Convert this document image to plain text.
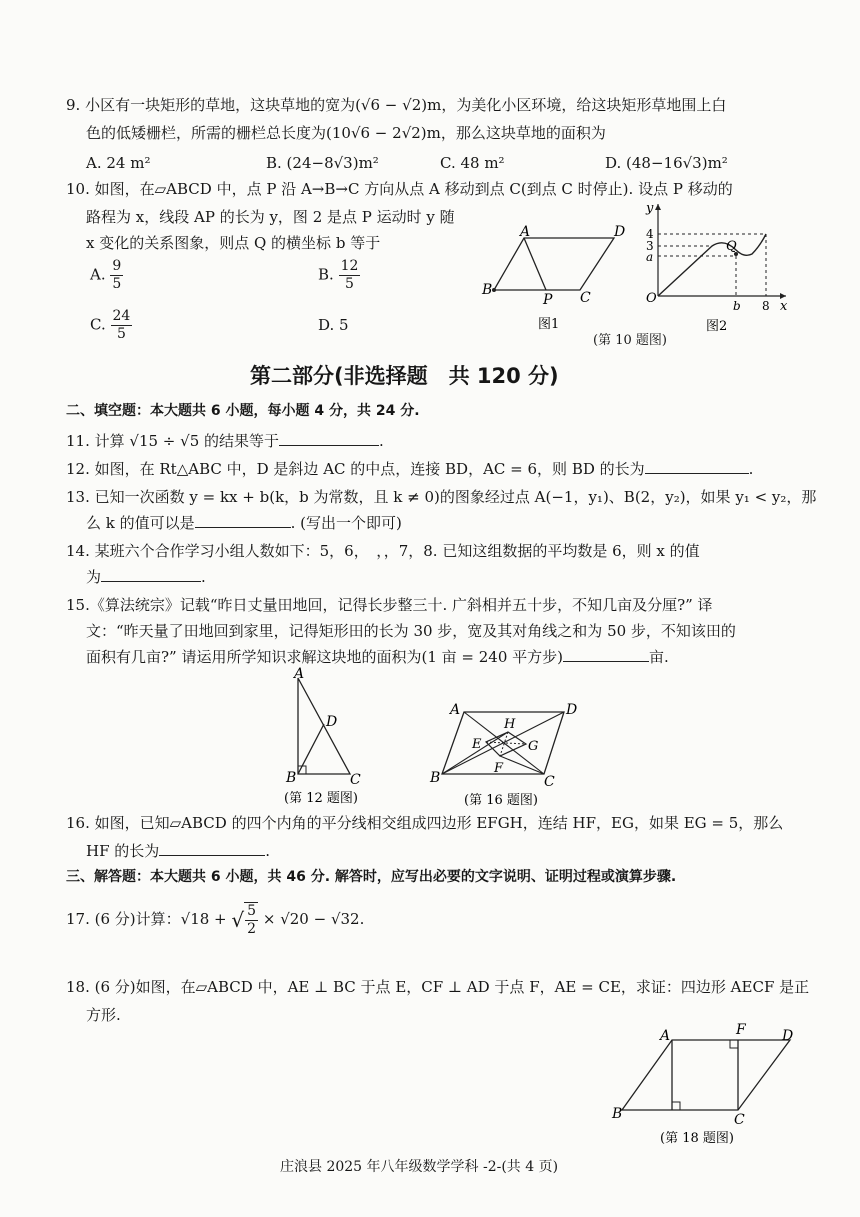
9. 小区有一块矩形的草地，这块草地的宽为(√6 − √2)m，为美化小区环境，给这块矩形草地围上白
色的低矮栅栏，所需的栅栏总长度为(10√6 − 2√2)m，那么这块草地的面积为
A. 24 m²	B. (24−8√3)m²	C. 48 m²	D. (48−16√3)m²
10. 如图，在▱ABCD 中，点 P 沿 A→B→C 方向从点 A 移动到点 C(到点 C 时停止). 设点 P 移动的
路程为 x，线段 AP 的长为 y，图 2 是点 P 运动时 y 随
x 变化的关系图象，则点 Q 的横坐标 b 等于
A. $\frac{9}{5}$	B. $\frac{12}{5}$
C. $\frac{24}{5}$	D. 5
A	D
B
P C
图1
y
x
O
4
3
a
Q
b 8
图2
(第 10 题图)
第二部分(非选择题　共 120 分)
二、填空题：本大题共 6 小题，每小题 4 分，共 24 分.
11. 计算 √15 ÷ √5 的结果等于	.
12. 如图，在 Rt△ABC 中，D 是斜边 AC 的中点，连接 BD，AC = 6，则 BD 的长为	.
13. 已知一次函数 y = kx + b(k，b 为常数，且 k ≠ 0)的图象经过点 A(−1，y₁)、B(2，y₂)，如果 y₁ < y₂，那
么 k 的值可以是	. (写出一个即可)
14. 某班六个合作学习小组人数如下：5，6，　，，7，8. 已知这组数据的平均数是 6，则 x 的值
为	.
15.《算法统宗》记载“昨日丈量田地回，记得长步整三十. 广斜相并五十步，不知几亩及分厘?” 译
文：“昨天量了田地回到家里，记得矩形田的长为 30 步，宽及其对角线之和为 50 步，不知该田的
面积有几亩?” 请运用所学知识求解这块地的面积为(1 亩 = 240 平方步)	亩.
A
D
B	C
(第 12 题图)
A	D
B	C
H
E	G
F
(第 16 题图)
16. 如图，已知▱ABCD 的四个内角的平分线相交组成四边形 EFGH，连结 HF，EG，如果 EG = 5，那么
HF 的长为	.
三、解答题：本大题共 6 小题，共 46 分. 解答时，应写出必要的文字说明、证明过程或演算步骤.
17. (6 分)计算：√18 + √ $\frac{5}{2} \times √20 - √32$.
18. (6 分)如图，在▱ABCD 中，AE ⊥ BC 于点 E，CF ⊥ AD 于点 F，AE = CE，求证：四边形 AECF 是正
方形.
A	F	D
B	C
(第 18 题图)
庄浪县 2025 年八年级数学学科 -2-(共 4 页)
